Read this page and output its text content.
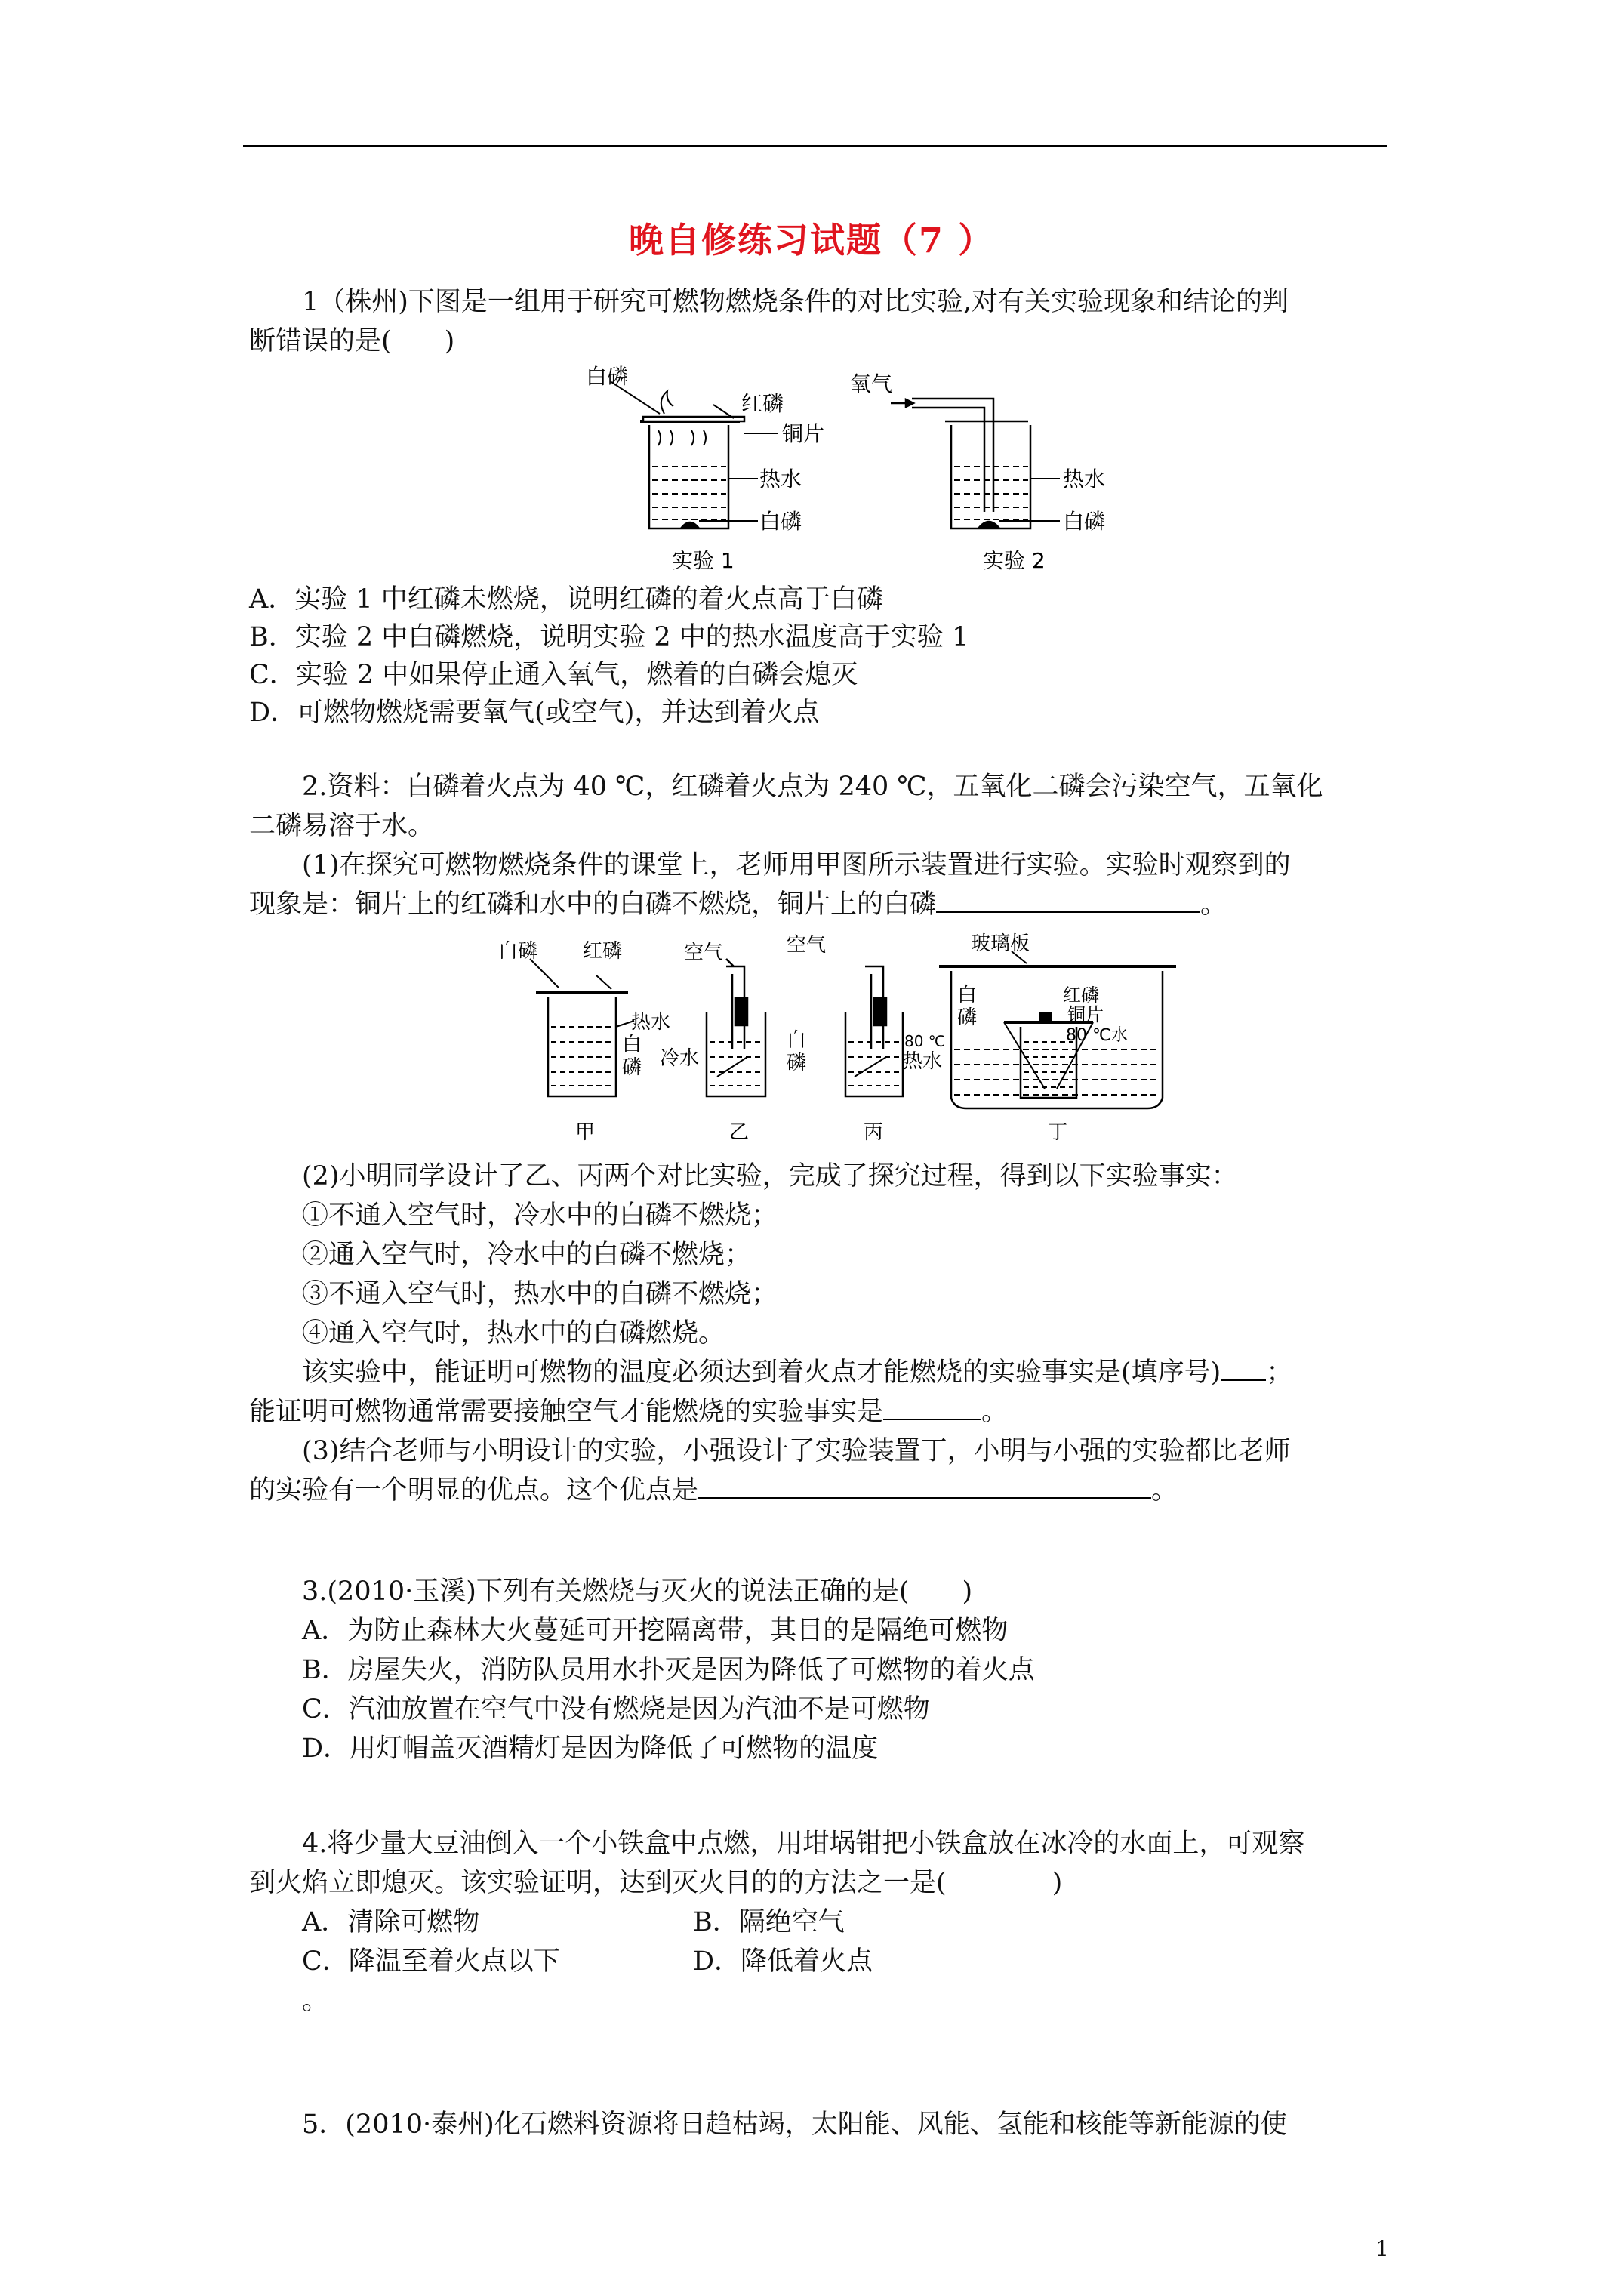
晚自修练习试题（7 ）
1（株州)下图是一组用于研究可燃物燃烧条件的对比实验,对有关实验现象和结论的判
断错误的是(　　)
白磷
红磷
铜片
热水
白磷
氧气
热水
白磷
实验 1	实验 2
A．实验 1 中红磷未燃烧，说明红磷的着火点高于白磷
B．实验 2 中白磷燃烧，说明实验 2 中的热水温度高于实验 1
C．实验 2 中如果停止通入氧气，燃着的白磷会熄灭
D．可燃物燃烧需要氧气(或空气)，并达到着火点
2.资料：白磷着火点为 40 ℃，红磷着火点为 240 ℃，五氧化二磷会污染空气，五氧化
二磷易溶于水。
(1)在探究可燃物燃烧条件的课堂上，老师用甲图所示装置进行实验。实验时观察到的
现象是：铜片上的红磷和水中的白磷不燃烧，铜片上的白磷	。
白磷 红磷
热水
白
磷
空气
冷水
空气
白
磷
80 ℃
热水
玻璃板
白
磷
红磷
铜片
80 ℃水
甲	乙	丙	丁
(2)小明同学设计了乙、丙两个对比实验，完成了探究过程，得到以下实验事实：
①不通入空气时，冷水中的白磷不燃烧；
②通入空气时，冷水中的白磷不燃烧；
③不通入空气时，热水中的白磷不燃烧；
④通入空气时，热水中的白磷燃烧。
该实验中，能证明可燃物的温度必须达到着火点才能燃烧的实验事实是(填序号) ；
能证明可燃物通常需要接触空气才能燃烧的实验事实是	。
(3)结合老师与小明设计的实验，小强设计了实验装置丁，小明与小强的实验都比老师
的实验有一个明显的优点。这个优点是	。
3.(2010·玉溪)下列有关燃烧与灭火的说法正确的是(　　)
A．为防止森林大火蔓延可开挖隔离带，其目的是隔绝可燃物
B．房屋失火，消防队员用水扑灭是因为降低了可燃物的着火点
C．汽油放置在空气中没有燃烧是因为汽油不是可燃物
D．用灯帽盖灭酒精灯是因为降低了可燃物的温度
4.将少量大豆油倒入一个小铁盒中点燃，用坩埚钳把小铁盒放在冰冷的水面上，可观察
到火焰立即熄灭。该实验证明，达到灭火目的的方法之一是(　　　　)
A．清除可燃物	B．隔绝空气
C．降温至着火点以下	D．降低着火点
。
5．(2010·泰州)化石燃料资源将日趋枯竭，太阳能、风能、氢能和核能等新能源的使
1
